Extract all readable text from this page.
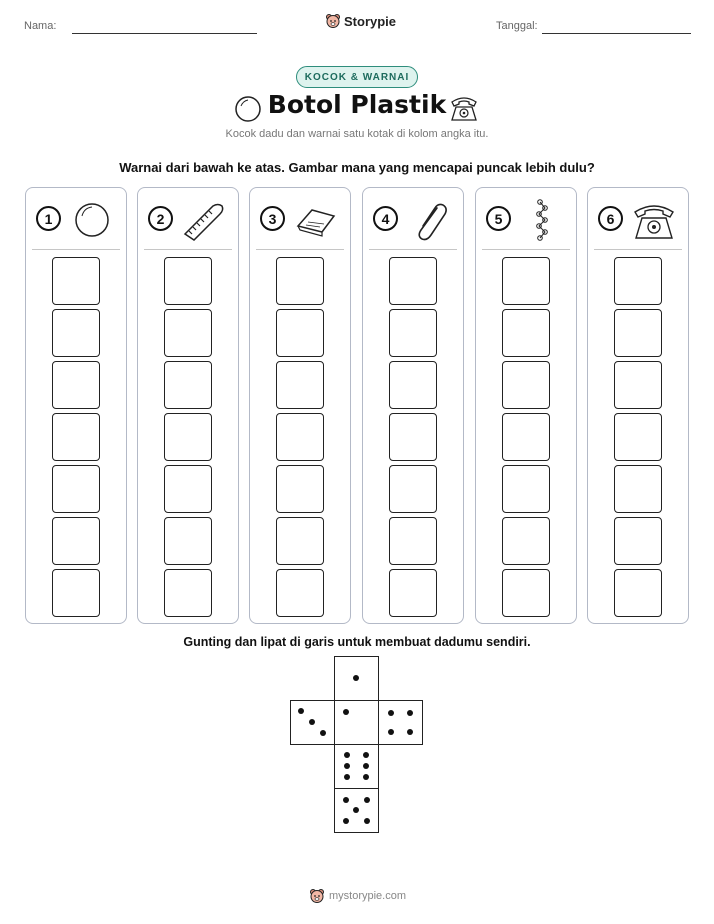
Nama:	Storypie	Tanggal:
KOCOK & WARNAI
Botol Plastik
Kocok dadu dan warnai satu kotak di kolom angka itu.
Warnai dari bawah ke atas. Gambar mana yang mencapai puncak lebih dulu?
1	2	3	4	5	6
Gunting dan lipat di garis untuk membuat dadumu sendiri.
mystorypie.com
